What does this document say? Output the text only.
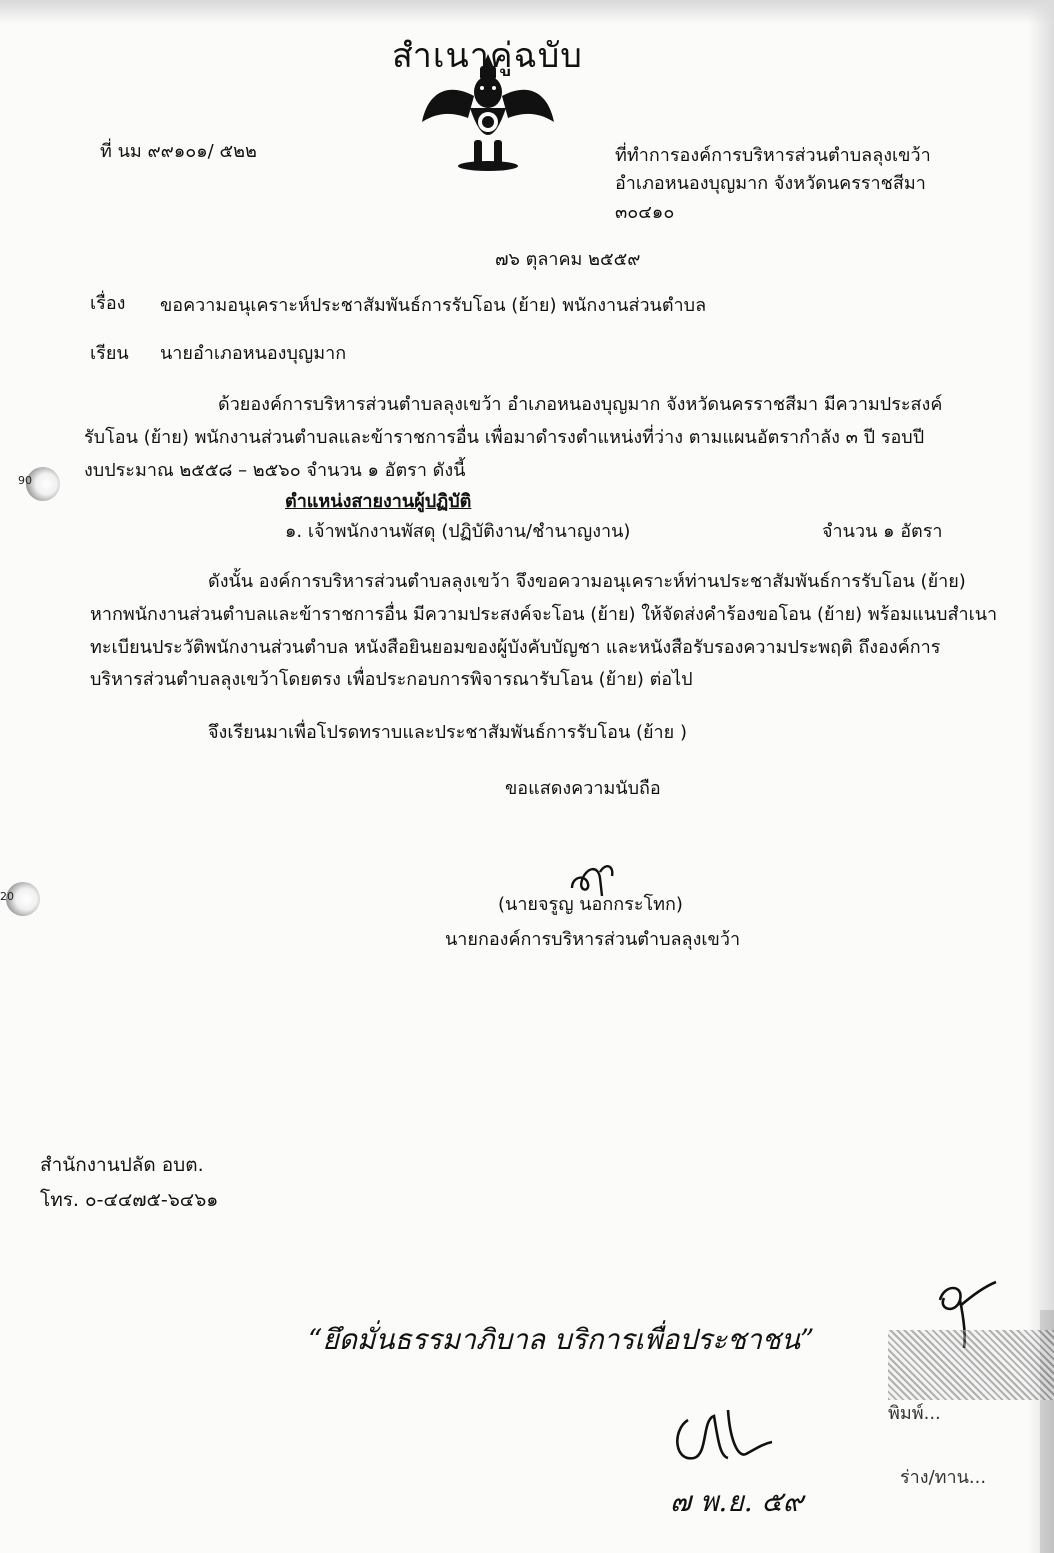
สำเนาคู่ฉบับ
90
20
ที่ นม ๙๙๑๐๑/ ๕๒๒	ที่ทำการองค์การบริหารส่วนตำบลลุงเขว้า
อำเภอหนองบุญมาก จังหวัดนครราชสีมา
๓๐๔๑๐
๗๖ ตุลาคม ๒๕๕๙
เรื่อง ขอความอนุเคราะห์ประชาสัมพันธ์การรับโอน (ย้าย) พนักงานส่วนตำบล
เรียน นายอำเภอหนองบุญมาก
ด้วยองค์การบริหารส่วนตำบลลุงเขว้า อำเภอหนองบุญมาก จังหวัดนครราชสีมา มีความประสงค์
รับโอน (ย้าย) พนักงานส่วนตำบลและข้าราชการอื่น เพื่อมาดำรงตำแหน่งที่ว่าง ตามแผนอัตรากำลัง ๓ ปี รอบปี
งบประมาณ ๒๕๕๘ – ๒๕๖๐ จำนวน ๑ อัตรา ดังนี้
ตำแหน่งสายงานผู้ปฏิบัติ
๑. เจ้าพนักงานพัสดุ (ปฏิบัติงาน/ชำนาญงาน)	จำนวน ๑ อัตรา
ดังนั้น องค์การบริหารส่วนตำบลลุงเขว้า จึงขอความอนุเคราะห์ท่านประชาสัมพันธ์การรับโอน (ย้าย)
หากพนักงานส่วนตำบลและข้าราชการอื่น มีความประสงค์จะโอน (ย้าย) ให้จัดส่งคำร้องขอโอน (ย้าย) พร้อมแนบสำเนา
ทะเบียนประวัติพนักงานส่วนตำบล หนังสือยินยอมของผู้บังคับบัญชา และหนังสือรับรองความประพฤติ ถึงองค์การ
บริหารส่วนตำบลลุงเขว้าโดยตรง เพื่อประกอบการพิจารณารับโอน (ย้าย) ต่อไป
จึงเรียนมาเพื่อโปรดทราบและประชาสัมพันธ์การรับโอน (ย้าย )
ขอแสดงความนับถือ
(นายจรูญ นอกกระโทก)
นายกองค์การบริหารส่วนตำบลลุงเขว้า
สำนักงานปลัด อบต.
โทร. ๐-๔๔๗๕-๖๔๖๑
“ยึดมั่นธรรมาภิบาล บริการเพื่อประชาชน”
๗ พ.ย. ๕๙
พิมพ์...
ร่าง/ทาน...
